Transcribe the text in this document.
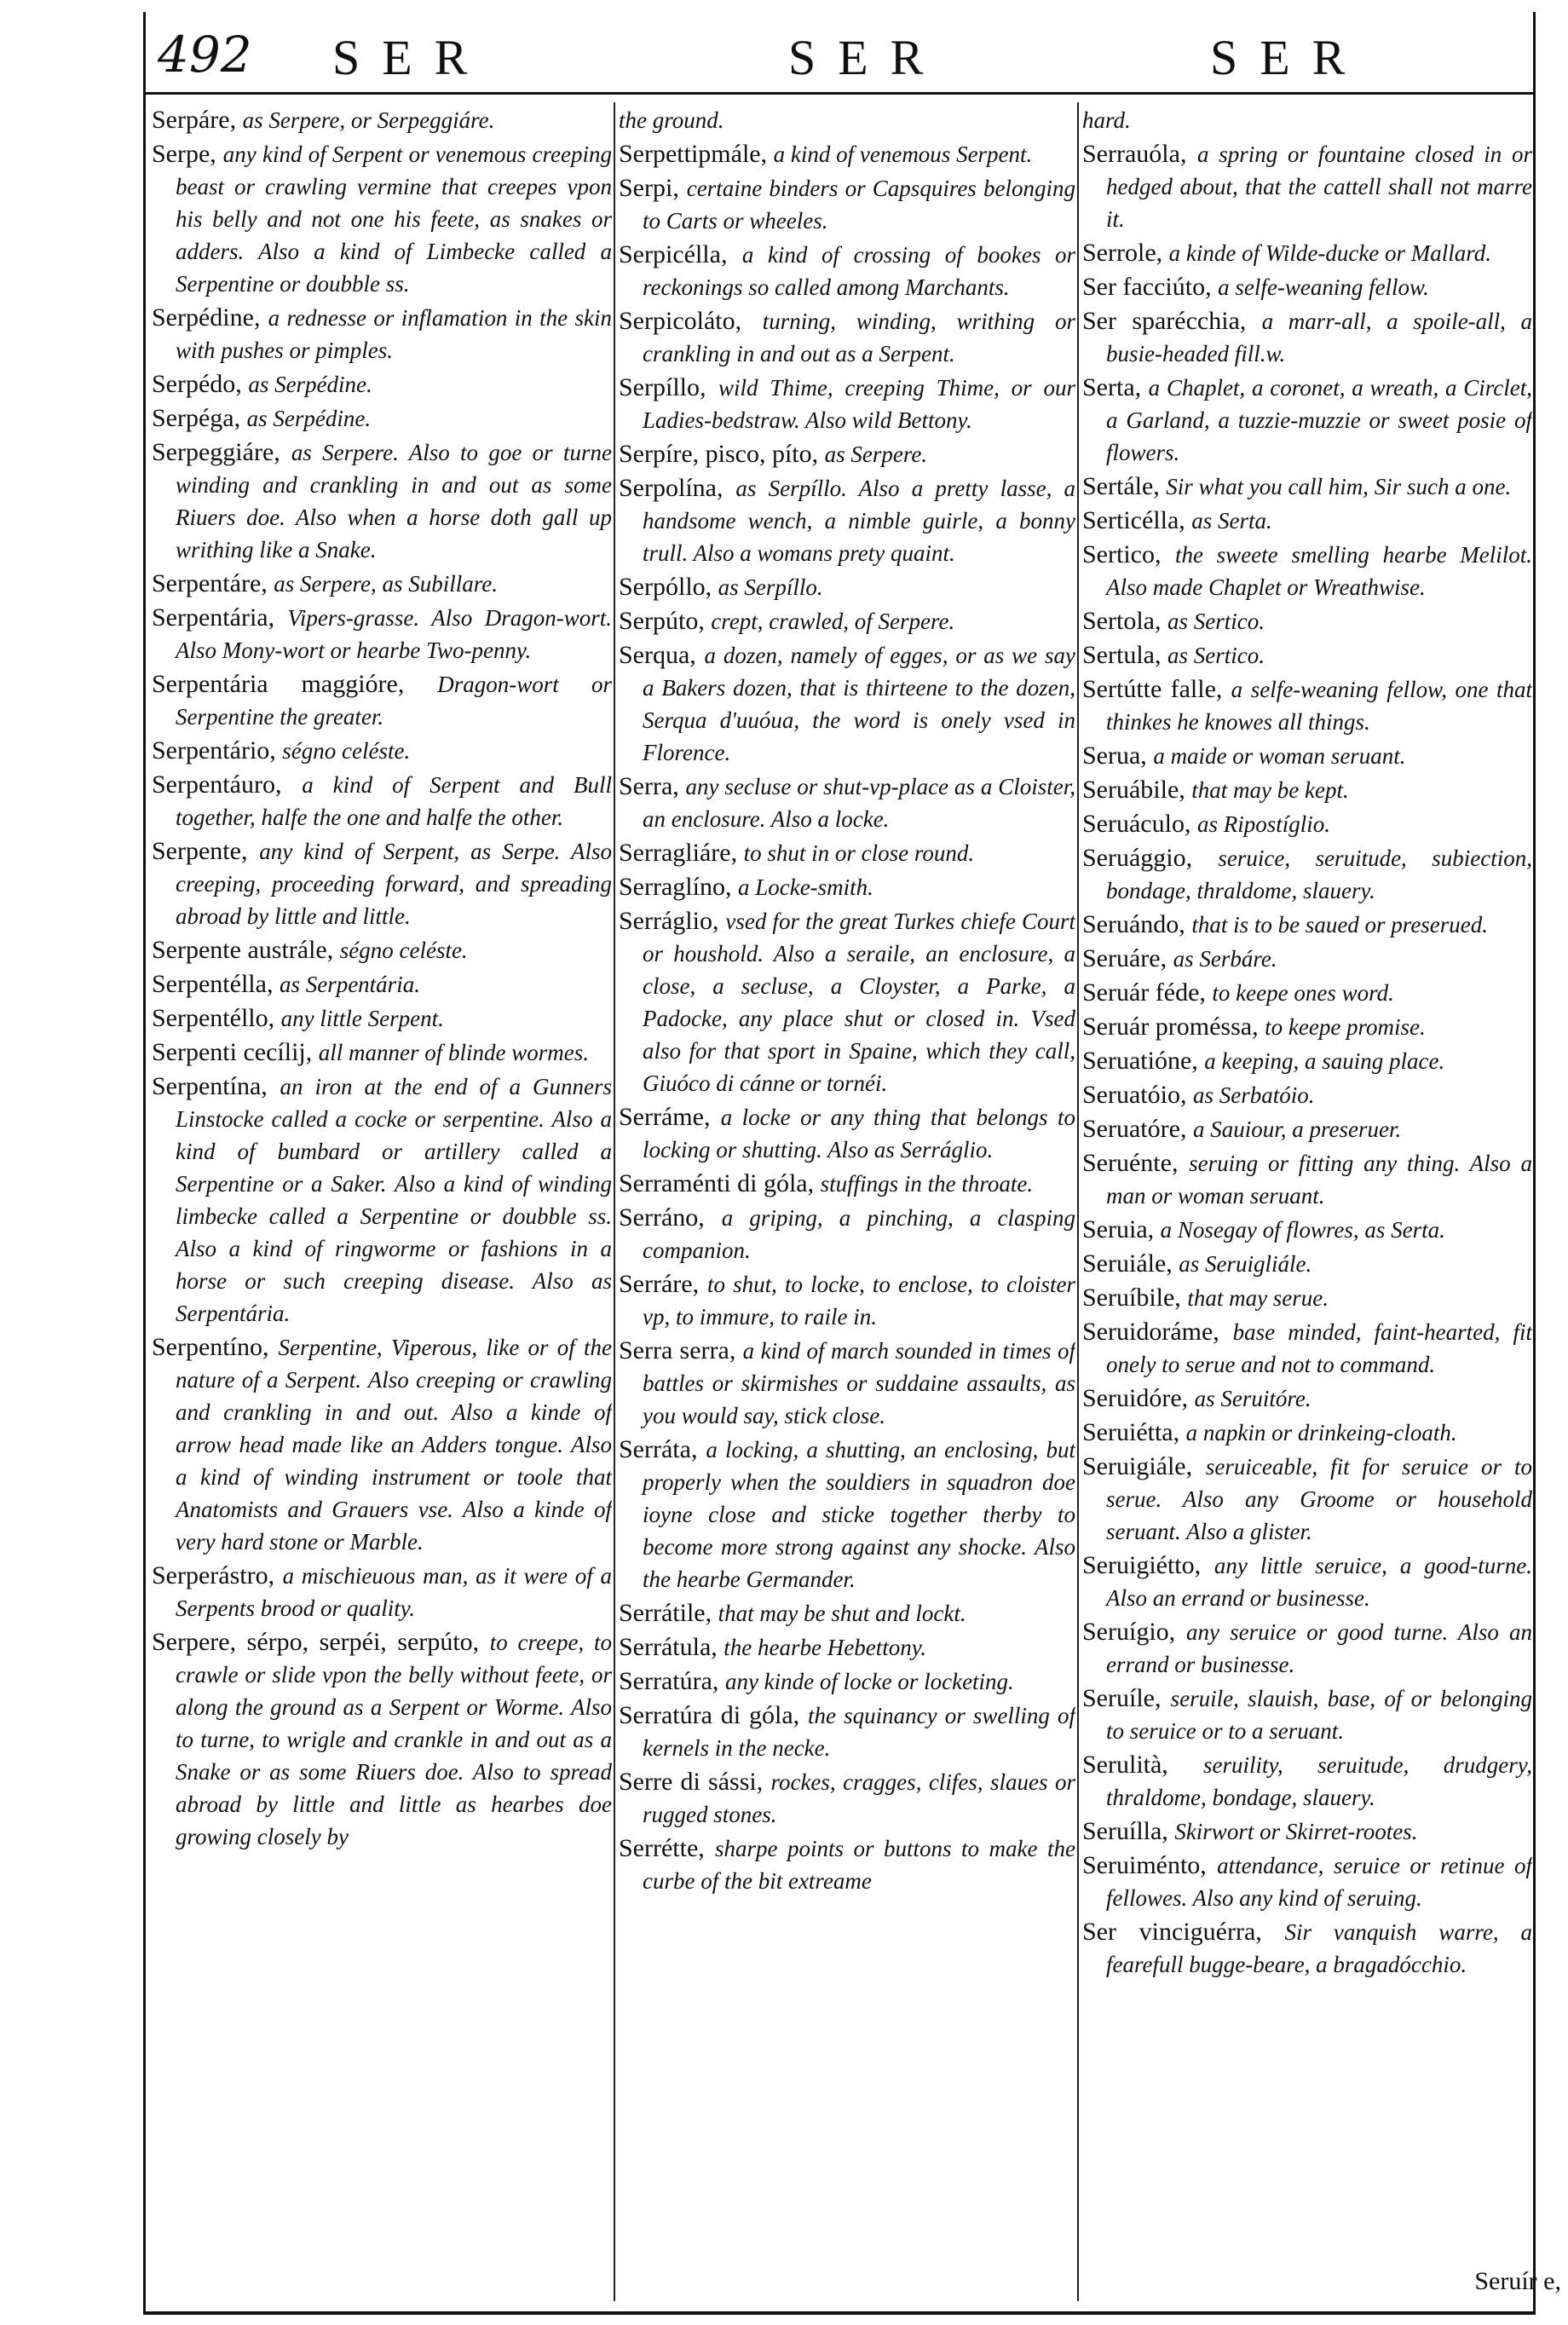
492 SER	SER	SER

Serpáre, as Serpere, or Serpeggiáre.

Serpe, any kind of Serpent or venemous creeping beast or crawling vermine that creepes vpon his belly and not one his feete, as snakes or adders. Also a kind of Limbecke called a Serpentine or doubble ss.

Serpédine, a rednesse or inflamation in the skin with pushes or pimples.

Serpédo, as Serpédine.

Serpéga, as Serpédine.

Serpeggiáre, as Serpere. Also to goe or turne winding and crankling in and out as some Riuers doe. Also when a horse doth gall up writhing like a Snake.

Serpentáre, as Serpere, as Subillare.

Serpentária, Vipers-grasse. Also Dragon-wort. Also Mony-wort or hearbe Two-penny.

Serpentária maggióre, Dragon-wort or Serpentine the greater.

Serpentário, ségno celéste.

Serpentáuro, a kind of Serpent and Bull together, halfe the one and halfe the other.

Serpente, any kind of Serpent, as Serpe. Also creeping, proceeding forward, and spreading abroad by little and little.

Serpente austrále, ségno celéste.

Serpentélla, as Serpentária.

Serpentéllo, any little Serpent.

Serpenti cecílij, all manner of blinde wormes.

Serpentína, an iron at the end of a Gunners Linstocke called a cocke or serpentine. Also a kind of bumbard or artillery called a Serpentine or a Saker. Also a kind of winding limbecke called a Serpentine or doubble ss. Also a kind of ringworme or fashions in a horse or such creeping disease. Also as Serpentária.

Serpentíno, Serpentine, Viperous, like or of the nature of a Serpent. Also creeping or crawling and crankling in and out. Also a kinde of arrow head made like an Adders tongue. Also a kind of winding instrument or toole that Anatomists and Grauers vse. Also a kinde of very hard stone or Marble.

Serperástro, a mischieuous man, as it were of a Serpents brood or quality.

Serpere, sérpo, serpéi, serpúto, to creepe, to crawle or slide vpon the belly without feete, or along the ground as a Serpent or Worme. Also to turne, to wrigle and crankle in and out as a Snake or as some Riuers doe. Also to spread abroad by little and little as hearbes doe growing closely by

the ground.

Serpettipmále, a kind of venemous Serpent.

Serpi, certaine binders or Capsquires belonging to Carts or wheeles.

Serpicélla, a kind of crossing of bookes or reckonings so called among Marchants.

Serpicoláto, turning, winding, writhing or crankling in and out as a Serpent.

Serpíllo, wild Thime, creeping Thime, or our Ladies-bedstraw. Also wild Bettony.

Serpíre, pisco, píto, as Serpere.

Serpolína, as Serpíllo. Also a pretty lasse, a handsome wench, a nimble guirle, a bonny trull. Also a womans prety quaint.

Serpóllo, as Serpíllo.

Serpúto, crept, crawled, of Serpere.

Serqua, a dozen, namely of egges, or as we say a Bakers dozen, that is thirteene to the dozen, Serqua d'uuóua, the word is onely vsed in Florence.

Serra, any secluse or shut-vp-place as a Cloister, an enclosure. Also a locke.

Serragliáre, to shut in or close round.

Serraglíno, a Locke-smith.

Serráglio, vsed for the great Turkes chiefe Court or houshold. Also a seraile, an enclosure, a close, a secluse, a Cloyster, a Parke, a Padocke, any place shut or closed in. Vsed also for that sport in Spaine, which they call, Giuóco di cánne or tornéi.

Serráme, a locke or any thing that belongs to locking or shutting. Also as Serráglio.

Serraménti di góla, stuffings in the throate.

Serráno, a griping, a pinching, a clasping companion.

Serráre, to shut, to locke, to enclose, to cloister vp, to immure, to raile in.

Serra serra, a kind of march sounded in times of battles or skirmishes or suddaine assaults, as you would say, stick close.

Serráta, a locking, a shutting, an enclosing, but properly when the souldiers in squadron doe ioyne close and sticke together therby to become more strong against any shocke. Also the hearbe Germander.

Serrátile, that may be shut and lockt.

Serrátula, the hearbe Hebettony.

Serratúra, any kinde of locke or locketing.

Serratúra di góla, the squinancy or swelling of kernels in the necke.

Serre di sássi, rockes, cragges, clifes, slaues or rugged stones.

Serrétte, sharpe points or buttons to make the curbe of the bit extreame

hard.

Serrauóla, a spring or fountaine closed in or hedged about, that the cattell shall not marre it.

Serrole, a kinde of Wilde-ducke or Mallard.

Ser facciúto, a selfe-weaning fellow.

Ser sparécchia, a marr-all, a spoile-all, a busie-headed fill.w.

Serta, a Chaplet, a coronet, a wreath, a Circlet, a Garland, a tuzzie-muzzie or sweet posie of flowers.

Sertále, Sir what you call him, Sir such a one.

Serticélla, as Serta.

Sertico, the sweete smelling hearbe Melilot. Also made Chaplet or Wreathwise.

Sertola, as Sertico.

Sertula, as Sertico.

Sertútte falle, a selfe-weaning fellow, one that thinkes he knowes all things.

Serua, a maide or woman seruant.

Seruábile, that may be kept.

Seruáculo, as Ripostíglio.

Seruággio, seruice, seruitude, subiection, bondage, thraldome, slauery.

Seruándo, that is to be saued or preserued.

Seruáre, as Serbáre.

Seruár féde, to keepe ones word.

Seruár proméssa, to keepe promise.

Seruatióne, a keeping, a sauing place.

Seruatóio, as Serbatóio.

Seruatóre, a Sauiour, a preseruer.

Seruénte, seruing or fitting any thing. Also a man or woman seruant.

Seruia, a Nosegay of flowres, as Serta.

Seruiále, as Seruigliále.

Seruíbile, that may serue.

Seruidoráme, base minded, faint-hearted, fit onely to serue and not to command.

Seruidóre, as Seruitóre.

Seruiétta, a napkin or drinkeing-cloath.

Seruigiále, seruiceable, fit for seruice or to serue. Also any Groome or household seruant. Also a glister.

Seruigiétto, any little seruice, a good-turne. Also an errand or businesse.

Seruígio, any seruice or good turne. Also an errand or businesse.

Seruíle, seruile, slauish, base, of or belonging to seruice or to a seruant.

Serulità, seruility, seruitude, drudgery, thraldome, bondage, slauery.

Seruílla, Skirwort or Skirret-rootes.

Seruiménto, attendance, seruice or retinue of fellowes. Also any kind of seruing.

Ser vinciguérra, Sir vanquish warre, a fearefull bugge-beare, a bragadócchio.

Seruír e,
